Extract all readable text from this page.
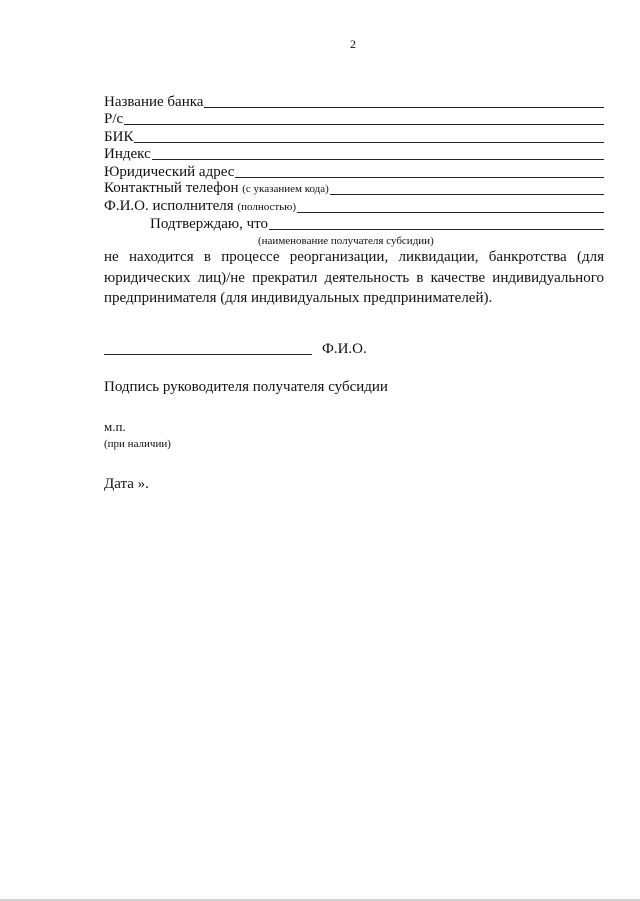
2
Название банка
Р/с
БИК
Индекс
Юридический адрес
Контактный телефон (с указанием кода)
Ф.И.О. исполнителя (полностью)
Подтверждаю, что
(наименование получателя субсидии)
не находится в процессе реорганизации, ликвидации, банкротства (для юридических лиц)/не прекратил деятельность в качестве индивидуального предпринимателя (для индивидуальных предпринимателей).
Ф.И.О.
Подпись руководителя получателя субсидии
м.п.
(при наличии)
Дата ».
